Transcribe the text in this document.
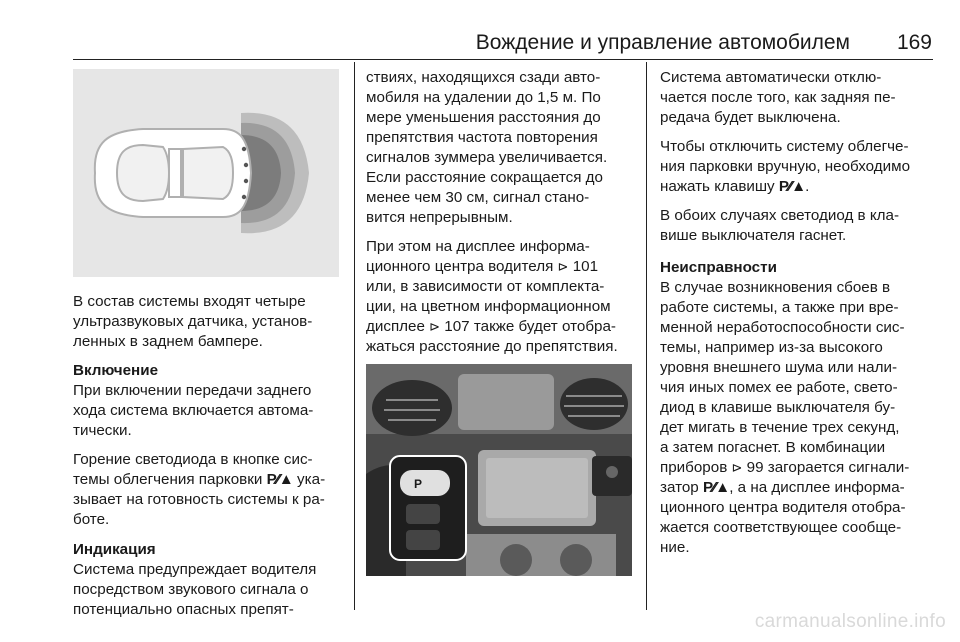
Вождение и управление автомобилем	169

В состав системы входят четыре
ультразвуковых датчика, установ-
ленных в заднем бампере.

Включение

При включении передачи заднего
хода система включается автома-
тически.

Горение светодиода в кнопке сис-
темы облегчения парковки P⁄⁄▲ ука-
зывает на готовность системы к ра-
боте.

Индикация

Система предупреждает водителя
посредством звукового сигнала о
потенциально опасных препят-

ствиях, находящихся сзади авто-
мобиля на удалении до 1,5 м. По
мере уменьшения расстояния до
препятствия частота повторения
сигналов зуммера увеличивается.
Если расстояние сокращается до
менее чем 30 см, сигнал стано-
вится непрерывным.

При этом на дисплее информа-
ционного центра водителя ⊳ 101
или, в зависимости от комплекта-
ции, на цветном информационном
дисплее ⊳ 107 также будет отобра-
жаться расстояние до препятствия.

P

Система автоматически отклю-
чается после того, как задняя пе-
редача будет выключена.

Чтобы отключить систему облегче-
ния парковки вручную, необходимо
нажать клавишу P⁄⁄▲.

В обоих случаях светодиод в кла-
више выключателя гаснет.

Неисправности

В случае возникновения сбоев в
работе системы, а также при вре-
менной неработоспособности сис-
темы, например из-за высокого
уровня внешнего шума или нали-
чия иных помех ее работе, свето-
диод в клавише выключателя бу-
дет мигать в течение трех секунд,
а затем погаснет. В комбинации
приборов ⊳ 99 загорается сигнали-
затор P⁄⁄▲, а на дисплее информа-
ционного центра водителя отобра-
жается соответствующее сообще-
ние.

carmanualsonline.info
